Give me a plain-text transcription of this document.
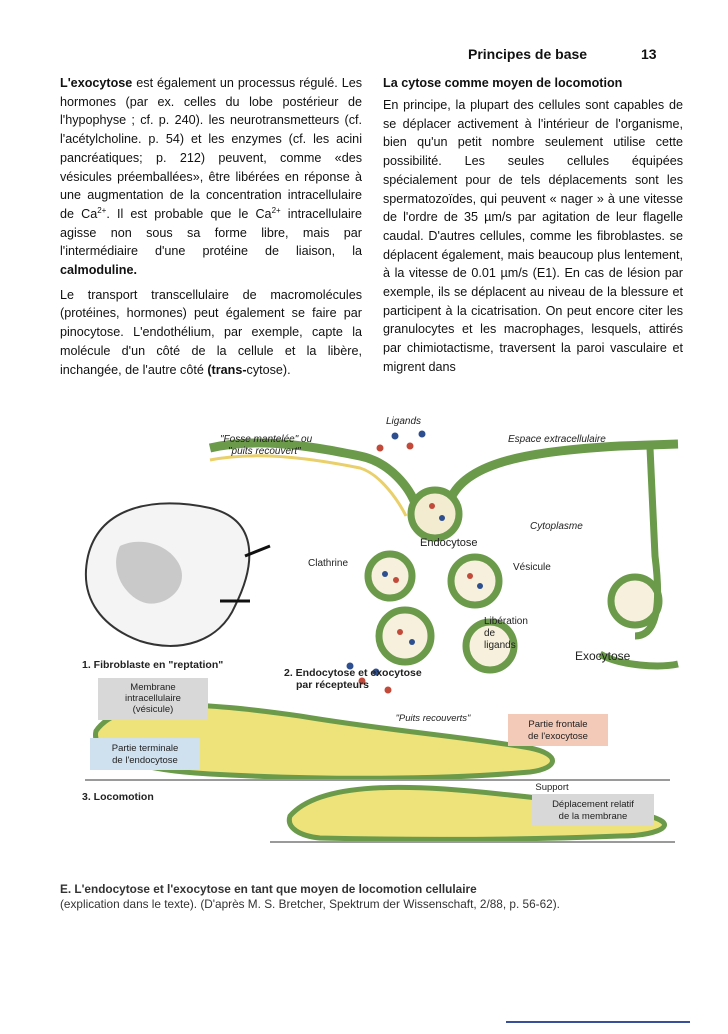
Principes de base	13

L'exocytose est également un processus régulé. Les hormones (par ex. celles du lobe postérieur de l'hypophyse ; cf. p. 240). les neurotransmetteurs (cf. l'acétylcholine. p. 54) et les enzymes (cf. les acini pancréatiques; p. 212) peuvent, comme «des vésicules préemballées», être libérées en réponse à une augmentation de la concentration intracellulaire de $Ca^{2+}$. Il est probable que le $Ca^{2+}$ intracellulaire agisse non sous sa forme libre, mais par l'intermédiaire d'une protéine de liaison, la calmoduline.

Le transport transcellulaire de macromolécules (protéines, hormones) peut également se faire par pinocytose. L'endothélium, par exemple, capte la molécule d'un côté de la cellule et la libère, inchangée, de l'autre côté (trans-cytose).

La cytose comme moyen de locomotion

En principe, la plupart des cellules sont capables de se déplacer activement à l'intérieur de l'organisme, bien qu'un petit nombre seulement utilise cette possibilité. Les seules cellules équipées spécialement pour de tels déplacements sont les spermatozoïdes, qui peuvent « nager » à une vitesse de l'ordre de 35 µm/s par agitation de leur flagelle caudal. D'autres cellules, comme les fibroblastes. se déplacent également, mais beaucoup plus lentement, à la vitesse de 0.01 µm/s (E1). En cas de lésion par exemple, ils se déplacent au niveau de la blessure et participent à la cicatrisation. On peut encore citer les granulocytes et les macrophages, lesquels, attirés par chimiotactisme, traversent la paroi vasculaire et migrent dans

"Fosse mantelée" ou
"puits recouvert"
Ligands
Espace extracellulaire
Endocytose
Cytoplasme
Clathrine	Vésicule
Libération
de
ligands
Exocytose
1. Fibroblaste en "reptation"
2. Endocytose et exocytose
par récepteurs
3. Locomotion
Membrane
intracellulaire
(vésicule)
Partie terminale
de l'endocytose
Partie frontale
de l'exocytose
Déplacement relatif
de la membrane
"Puits recouverts"
Support
E. L'endocytose et l'exocytose en tant que moyen de locomotion cellulaire
(explication dans le texte). (D'après M. S. Bretcher, Spektrum der Wissenschaft, 2/88, p. 56-62).
